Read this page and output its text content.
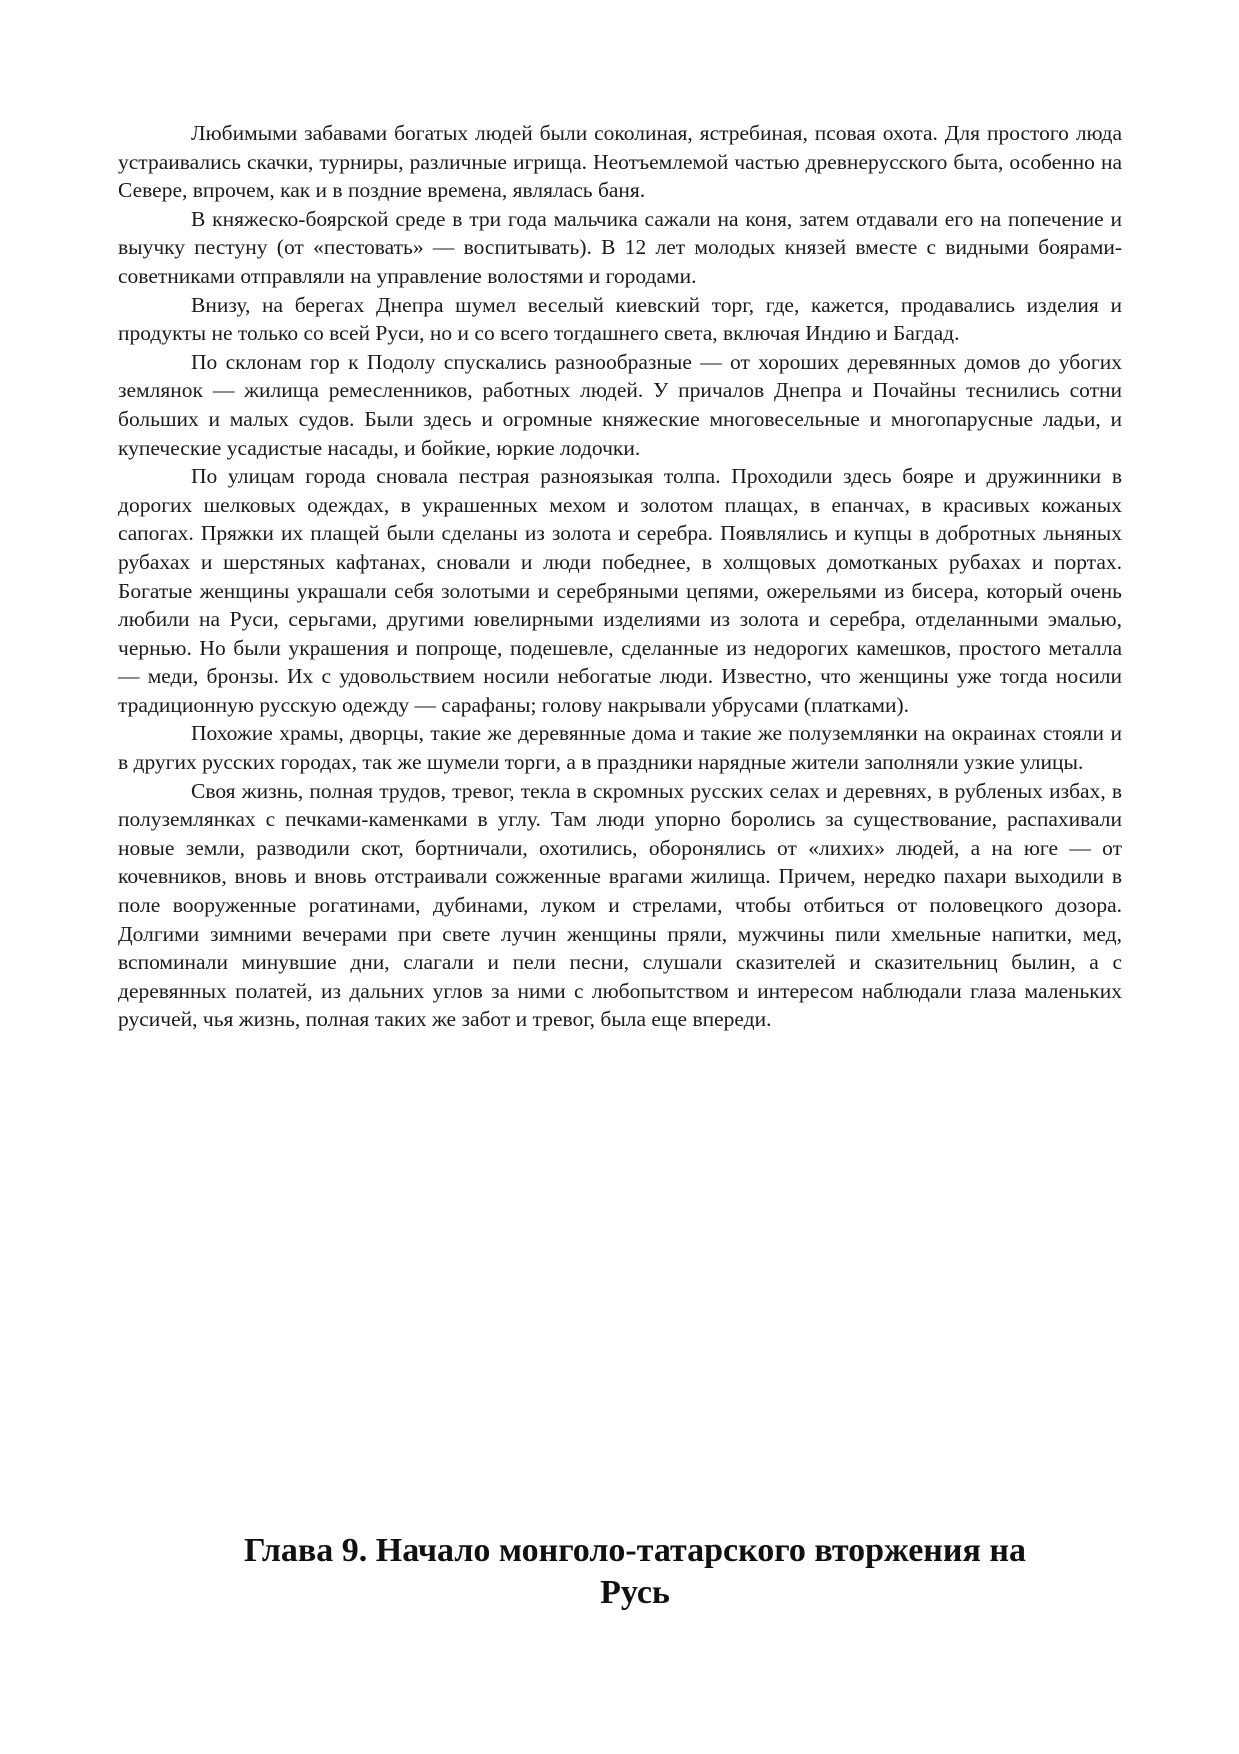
Любимыми забавами богатых людей были соколиная, ястребиная, псовая охота. Для простого люда устраивались скачки, турниры, различные игрища. Неотъемлемой частью древнерусского быта, особенно на Севере, впрочем, как и в поздние времена, являлась баня.

В княжеско-боярской среде в три года мальчика сажали на коня, затем отдавали его на попечение и выучку пестуну (от «пестовать» — воспитывать). В 12 лет молодых князей вместе с видными боярами-советниками отправляли на управление волостями и городами.

Внизу, на берегах Днепра шумел веселый киевский торг, где, кажется, продавались изделия и продукты не только со всей Руси, но и со всего тогдашнего света, включая Индию и Багдад.

По склонам гор к Подолу спускались разнообразные — от хороших деревянных домов до убогих землянок — жилища ремесленников, работных людей. У причалов Днепра и Почайны теснились сотни больших и малых судов. Были здесь и огромные княжеские многовесельные и многопарусные ладьи, и купеческие усадистые насады, и бойкие, юркие лодочки.

По улицам города сновала пестрая разноязыкая толпа. Проходили здесь бояре и дружинники в дорогих шелковых одеждах, в украшенных мехом и золотом плащах, в епанчах, в красивых кожаных сапогах. Пряжки их плащей были сделаны из золота и серебра. Появлялись и купцы в добротных льняных рубахах и шерстяных кафтанах, сновали и люди победнее, в холщовых домотканых рубахах и портах. Богатые женщины украшали себя золотыми и серебряными цепями, ожерельями из бисера, который очень любили на Руси, серьгами, другими ювелирными изделиями из золота и серебра, отделанными эмалью, чернью. Но были украшения и попроще, подешевле, сделанные из недорогих камешков, простого металла — меди, бронзы. Их с удовольствием носили небогатые люди. Известно, что женщины уже тогда носили традиционную русскую одежду — сарафаны; голову накрывали убрусами (платками).

Похожие храмы, дворцы, такие же деревянные дома и такие же полуземлянки на окраинах стояли и в других русских городах, так же шумели торги, а в праздники нарядные жители заполняли узкие улицы.

Своя жизнь, полная трудов, тревог, текла в скромных русских селах и деревнях, в рубленых избах, в полуземлянках с печками-каменками в углу. Там люди упорно боролись за существование, распахивали новые земли, разводили скот, бортничали, охотились, оборонялись от «лихих» людей, а на юге — от кочевников, вновь и вновь отстраивали сожженные врагами жилища. Причем, нередко пахари выходили в поле вооруженные рогатинами, дубинами, луком и стрелами, чтобы отбиться от половецкого дозора. Долгими зимними вечерами при свете лучин женщины пряли, мужчины пили хмельные напитки, мед, вспоминали минувшие дни, слагали и пели песни, слушали сказителей и сказительниц былин, а с деревянных полатей, из дальних углов за ними с любопытством и интересом наблюдали глаза маленьких русичей, чья жизнь, полная таких же забот и тревог, была еще впереди.

Глава 9. Начало монголо-татарского вторжения на
Русь
